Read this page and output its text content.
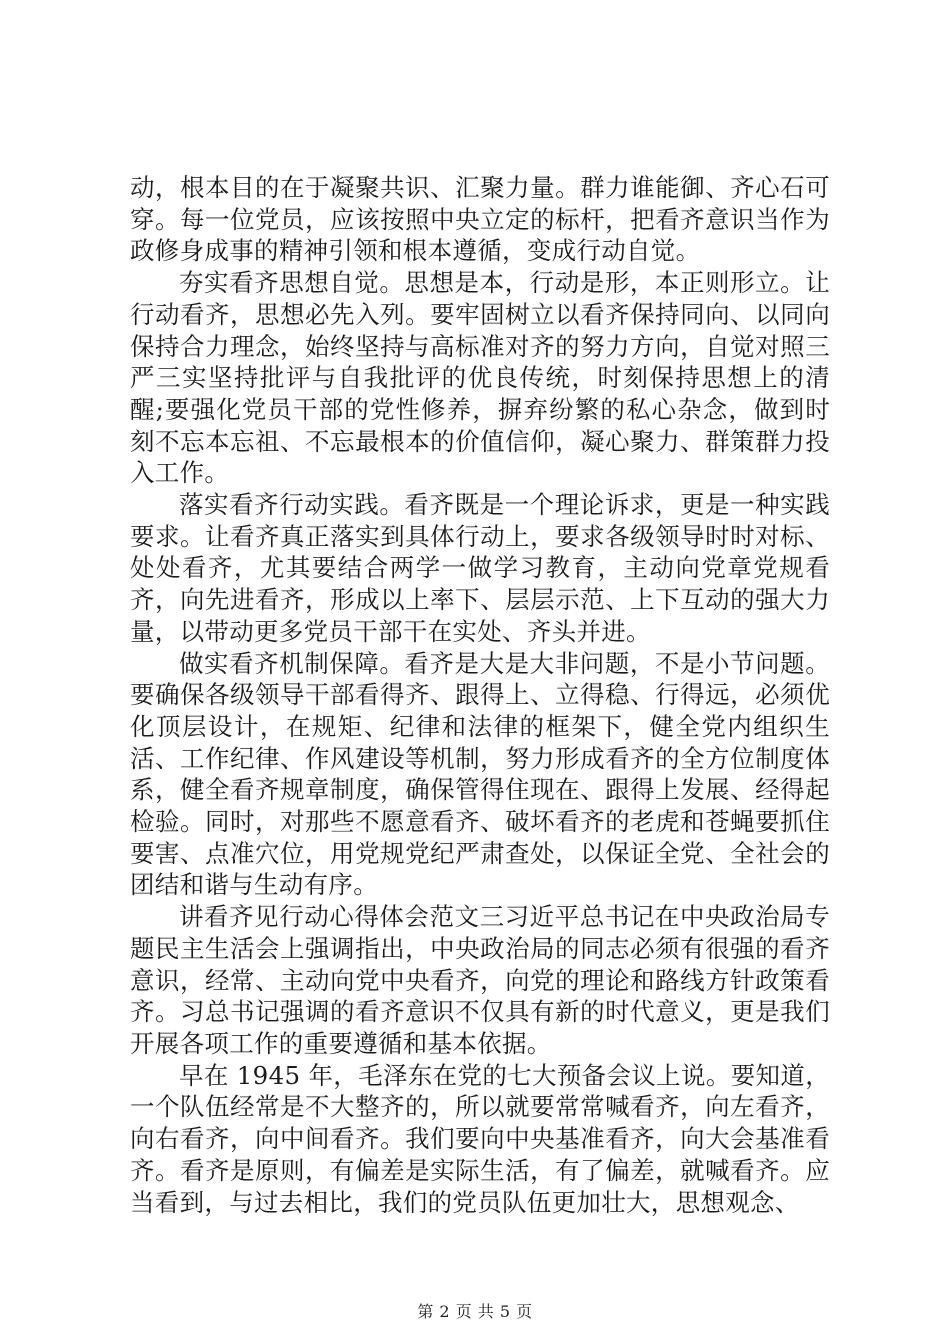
动，根本目的在于凝聚共识、汇聚力量。群力谁能御、齐心石可穿。每一位党员，应该按照中央立定的标杆，把看齐意识当作为政修身成事的精神引领和根本遵循，变成行动自觉。

夯实看齐思想自觉。思想是本，行动是形，本正则形立。让行动看齐，思想必先入列。要牢固树立以看齐保持同向、以同向保持合力理念，始终坚持与高标准对齐的努力方向，自觉对照三严三实坚持批评与自我批评的优良传统，时刻保持思想上的清醒;要强化党员干部的党性修养，摒弃纷繁的私心杂念，做到时刻不忘本忘祖、不忘最根本的价值信仰，凝心聚力、群策群力投入工作。

落实看齐行动实践。看齐既是一个理论诉求，更是一种实践要求。让看齐真正落实到具体行动上，要求各级领导时时对标、处处看齐，尤其要结合两学一做学习教育，主动向党章党规看齐，向先进看齐，形成以上率下、层层示范、上下互动的强大力量，以带动更多党员干部干在实处、齐头并进。

做实看齐机制保障。看齐是大是大非问题，不是小节问题。要确保各级领导干部看得齐、跟得上、立得稳、行得远，必须优化顶层设计，在规矩、纪律和法律的框架下，健全党内组织生活、工作纪律、作风建设等机制，努力形成看齐的全方位制度体系，健全看齐规章制度，确保管得住现在、跟得上发展、经得起检验。同时，对那些不愿意看齐、破坏看齐的老虎和苍蝇要抓住要害、点准穴位，用党规党纪严肃查处，以保证全党、全社会的团结和谐与生动有序。

讲看齐见行动心得体会范文三习近平总书记在中央政治局专题民主生活会上强调指出，中央政治局的同志必须有很强的看齐意识，经常、主动向党中央看齐，向党的理论和路线方针政策看齐。习总书记强调的看齐意识不仅具有新的时代意义，更是我们开展各项工作的重要遵循和基本依据。

早在 1945 年，毛泽东在党的七大预备会议上说。要知道，一个队伍经常是不大整齐的，所以就要常常喊看齐，向左看齐，向右看齐，向中间看齐。我们要向中央基准看齐，向大会基准看齐。看齐是原则，有偏差是实际生活，有了偏差，就喊看齐。应当看到，与过去相比，我们的党员队伍更加壮大，思想观念、

第 2 页 共 5 页
